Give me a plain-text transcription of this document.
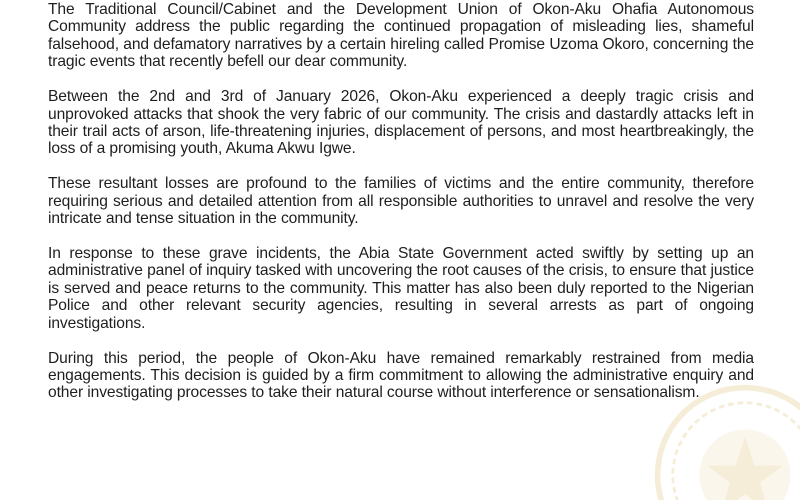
The Traditional Council/Cabinet and the Development Union of Okon-Aku Ohafia Autonomous Community address the public regarding the continued propagation of misleading lies, shameful falsehood, and defamatory narratives by a certain hireling called Promise Uzoma Okoro, concerning the tragic events that recently befell our dear community.

Between the 2nd and 3rd of January 2026, Okon-Aku experienced a deeply tragic crisis and unprovoked attacks that shook the very fabric of our community. The crisis and dastardly attacks left in their trail acts of arson, life-threatening injuries, displacement of persons, and most heartbreakingly, the loss of a promising youth, Akuma Akwu Igwe.

These resultant losses are profound to the families of victims and the entire community, therefore requiring serious and detailed attention from all responsible authorities to unravel and resolve the very intricate and tense situation in the community.

In response to these grave incidents, the Abia State Government acted swiftly by setting up an administrative panel of inquiry tasked with uncovering the root causes of the crisis, to ensure that justice is served and peace returns to the community. This matter has also been duly reported to the Nigerian Police and other relevant security agencies, resulting in several arrests as part of ongoing investigations.

During this period, the people of Okon-Aku have remained remarkably restrained from media engagements. This decision is guided by a firm commitment to allowing the administrative enquiry and other investigating processes to take their natural course without interference or sensationalism.
